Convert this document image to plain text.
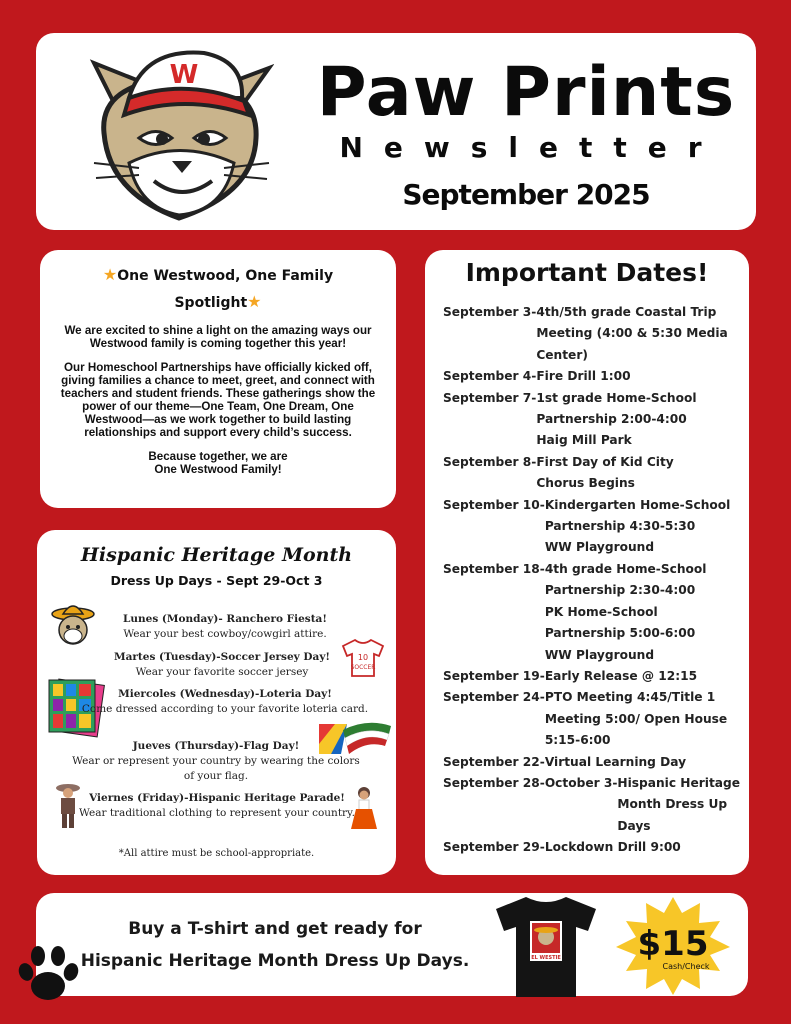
W Paw Prints
Newsletter
September 2025
★One Westwood, One Family
Spotlight★

We are excited to shine a light on the amazing ways our Westwood family is coming together this year!

Our Homeschool Partnerships have officially kicked off, giving families a chance to meet, greet, and connect with teachers and student friends. These gatherings show the power of our theme—One Team, One Dream, One Westwood—as we work together to build lasting relationships and support every child’s success.

Because together, we are
One Westwood Family!

Hispanic Heritage Month
Dress Up Days - Sept 29-Oct 3
Lunes (Monday)- Ranchero Fiesta!
Wear your best cowboy/cowgirl attire.
10
SOCCER
Martes (Tuesday)-Soccer Jersey Day!
Wear your favorite soccer jersey
Miercoles (Wednesday)-Loteria Day!
Come dressed according to your favorite loteria card.
Jueves (Thursday)-Flag Day!
Wear or represent your country by wearing the colors of your flag.
Viernes (Friday)-Hispanic Heritage Parade!
Wear traditional clothing to represent your country.
*All attire must be school-appropriate.
Important Dates!
September 3- 4th/5th grade Coastal Trip
Meeting (4:00 & 5:30 Media
Center)
September 4- Fire Drill 1:00
September 7- 1st grade Home-School
Partnership 2:00-4:00
Haig Mill Park
September 8- First Day of Kid City
Chorus Begins
September 10- Kindergarten Home-School
Partnership 4:30-5:30
WW Playground
September 18- 4th grade Home-School
Partnership 2:30-4:00
PK Home-School
Partnership 5:00-6:00
WW Playground
September 19- Early Release @ 12:15
September 24- PTO Meeting 4:45/Title 1
Meeting 5:00/ Open House
5:15-6:00
September 22- Virtual Learning Day
September 28-October 3- Hispanic Heritage
Month Dress Up
Days
September 29- Lockdown Drill 9:00
Buy a T-shirt and get ready for
Hispanic Heritage Month Dress Up Days.	EL WESTIE $15
Cash/Check
